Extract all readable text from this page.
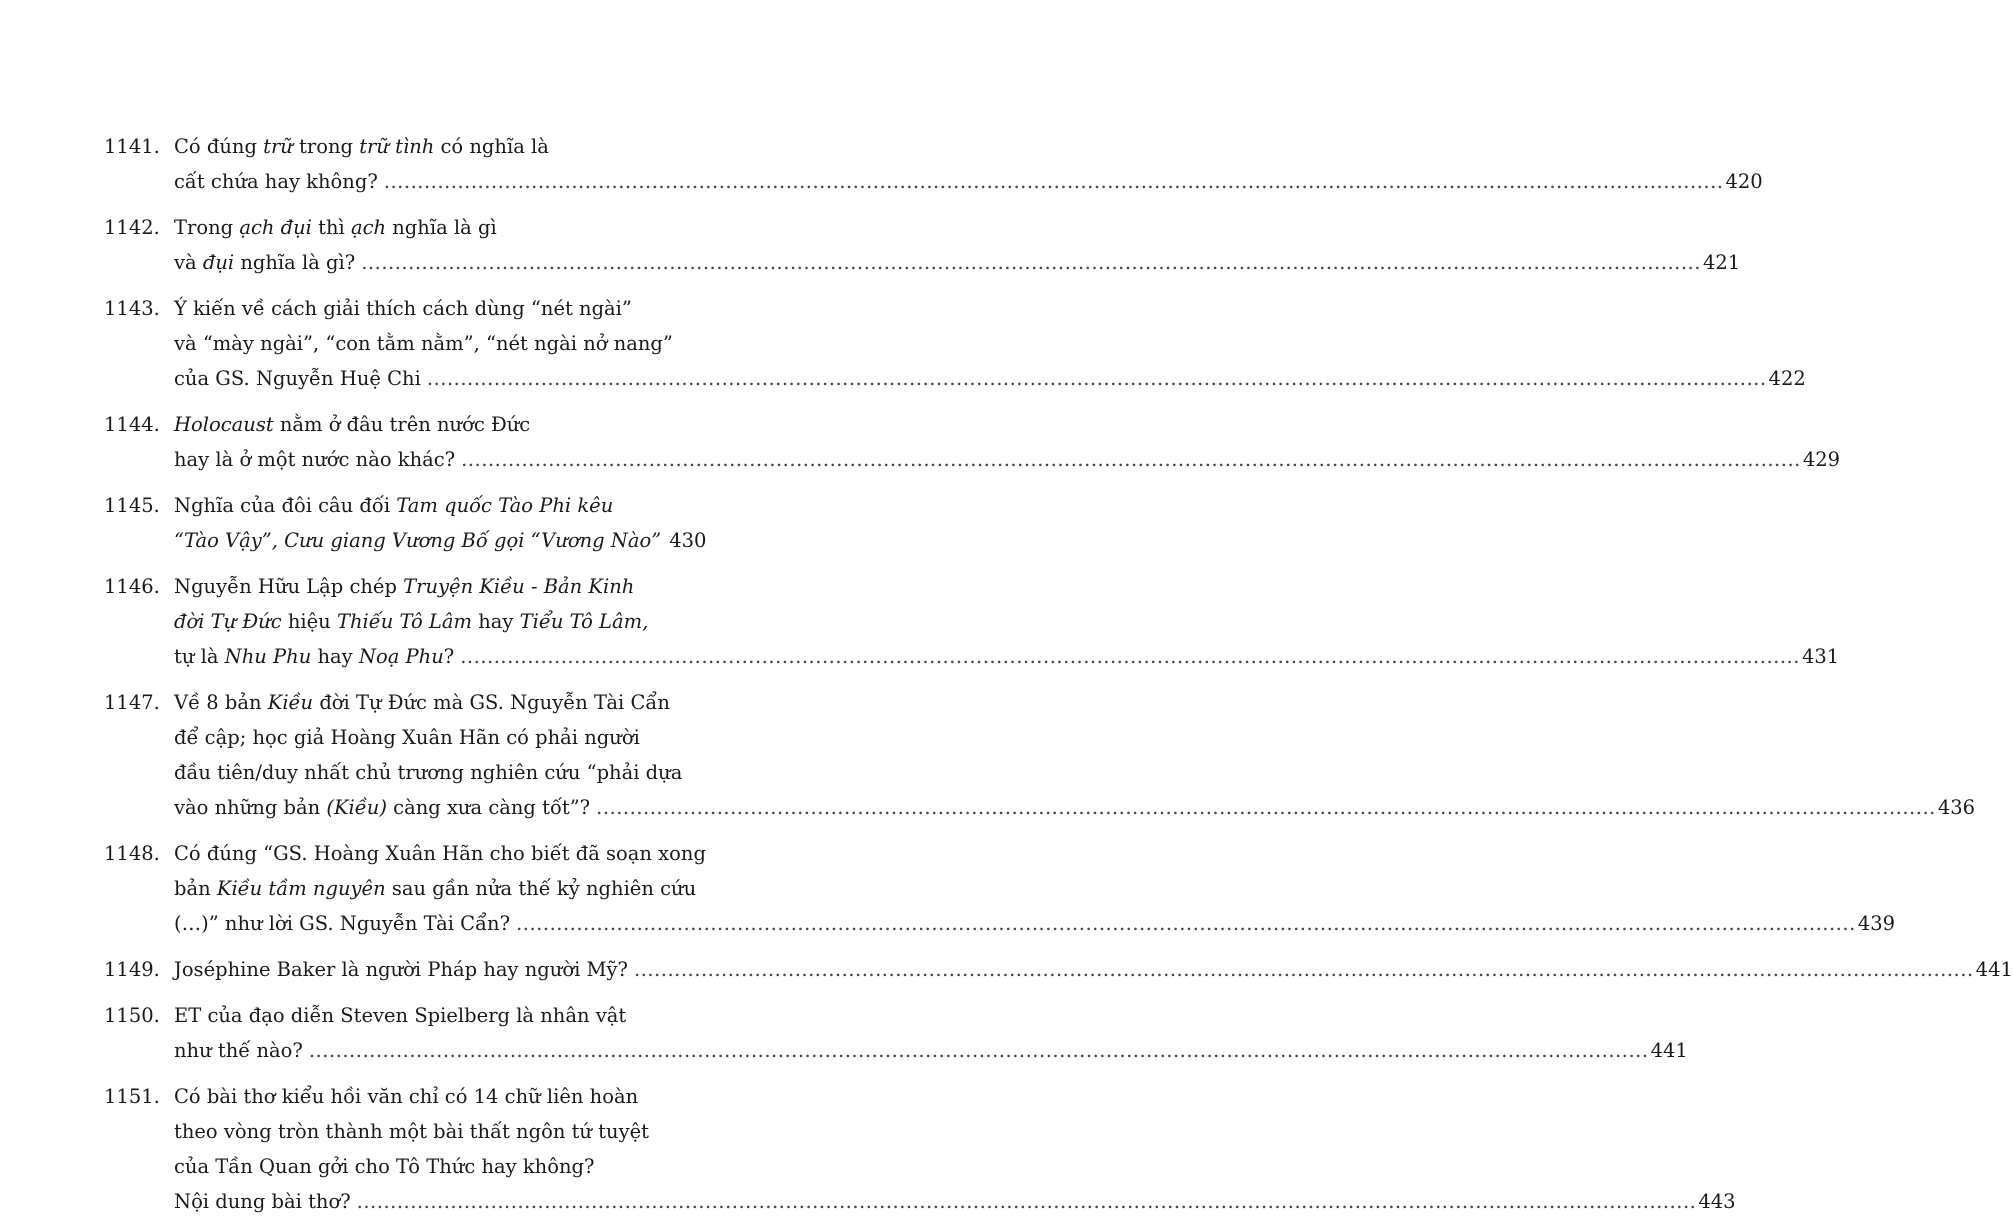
1141. Có đúng trữ trong trữ tình có nghĩa là
cất chứa hay không? ........................................................................................................................................................................................................ 420
1142. Trong ạch đụi thì ạch nghĩa là gì
và đụi nghĩa là gì? ........................................................................................................................................................................................................ 421
1143. Ý kiến về cách giải thích cách dùng “nét ngài”
và “mày ngài”, “con tằm nằm”, “nét ngài nở nang”
của GS. Nguyễn Huệ Chi ........................................................................................................................................................................................................ 422
1144. Holocaust nằm ở đâu trên nước Đức
hay là ở một nước nào khác? ........................................................................................................................................................................................................ 429
1145. Nghĩa của đôi câu đối Tam quốc Tào Phi kêu
“Tào Vậy”, Cưu giang Vương Bố gọi “Vương Nào” 430
1146. Nguyễn Hữu Lập chép Truyện Kiều - Bản Kinh
đời Tự Đức hiệu Thiếu Tô Lâm hay Tiểu Tô Lâm,
tự là Nhu Phu hay Noạ Phu? ........................................................................................................................................................................................................ 431
1147. Về 8 bản Kiều đời Tự Đức mà GS. Nguyễn Tài Cẩn
để cập; học giả Hoàng Xuân Hãn có phải người
đầu tiên/duy nhất chủ trương nghiên cứu “phải dựa
vào những bản (Kiều) càng xưa càng tốt”? ........................................................................................................................................................................................................ 436
1148. Có đúng “GS. Hoàng Xuân Hãn cho biết đã soạn xong
bản Kiều tầm nguyên sau gần nửa thế kỷ nghiên cứu
(…)” như lời GS. Nguyễn Tài Cẩn? ........................................................................................................................................................................................................ 439
1149. Joséphine Baker là người Pháp hay người Mỹ? ........................................................................................................................................................................................................ 441
1150. ET của đạo diễn Steven Spielberg là nhân vật
như thế nào? ........................................................................................................................................................................................................ 441
1151. Có bài thơ kiểu hồi văn chỉ có 14 chữ liên hoàn
theo vòng tròn thành một bài thất ngôn tứ tuyệt
của Tần Quan gởi cho Tô Thức hay không?
Nội dung bài thơ? ........................................................................................................................................................................................................ 443
